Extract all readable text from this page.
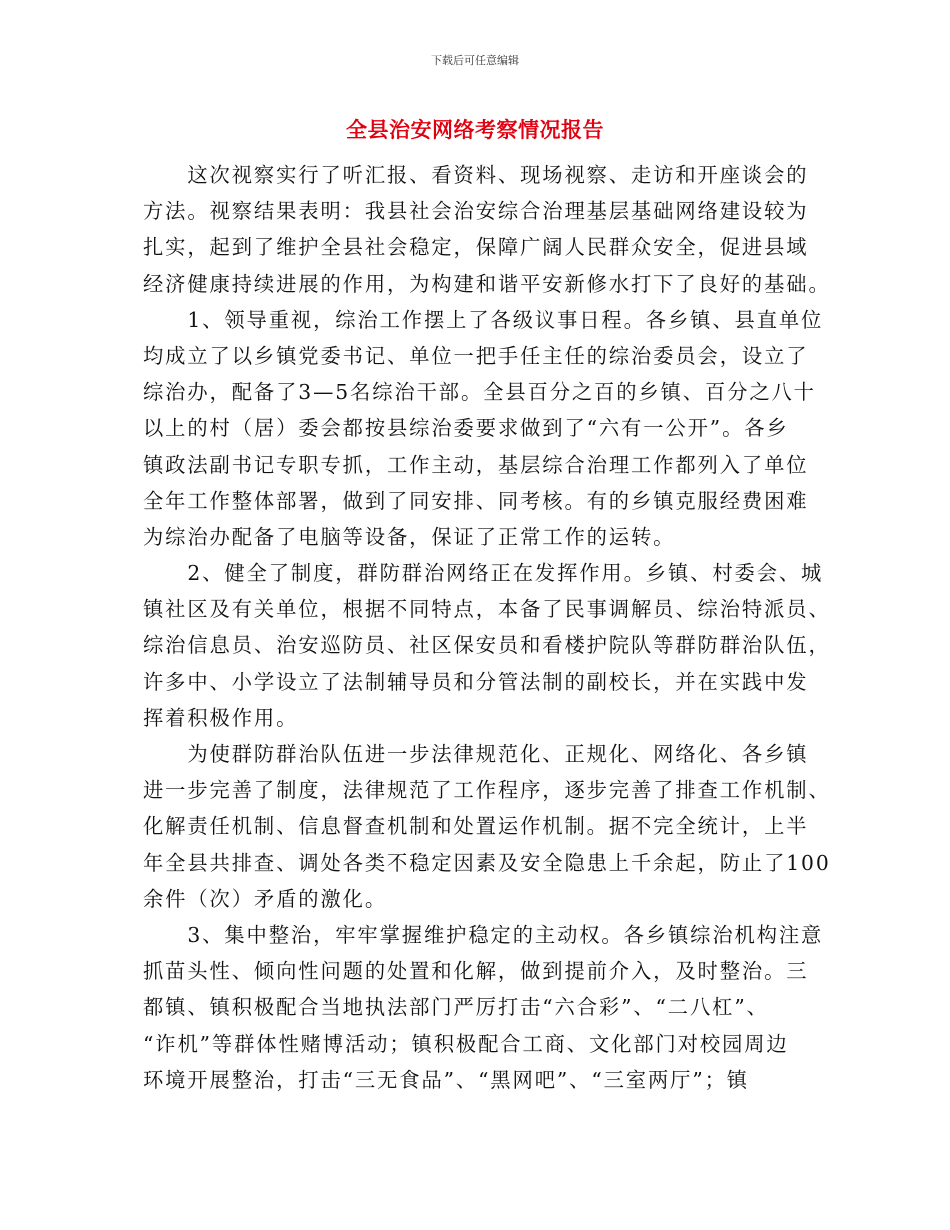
下载后可任意编辑
全县治安网络考察情况报告
　　这次视察实行了听汇报、看资料、现场视察、走访和开座谈会的
方法。视察结果表明：我县社会治安综合治理基层基础网络建设较为
扎实，起到了维护全县社会稳定，保障广阔人民群众安全，促进县域
经济健康持续进展的作用，为构建和谐平安新修水打下了良好的基础。
　　1、领导重视，综治工作摆上了各级议事日程。各乡镇、县直单位
均成立了以乡镇党委书记、单位一把手任主任的综治委员会，设立了
综治办，配备了3—5名综治干部。全县百分之百的乡镇、百分之八十
以上的村（居）委会都按县综治委要求做到了“六有一公开”。各乡
镇政法副书记专职专抓，工作主动，基层综合治理工作都列入了单位
全年工作整体部署，做到了同安排、同考核。有的乡镇克服经费困难
为综治办配备了电脑等设备，保证了正常工作的运转。
　　2、健全了制度，群防群治网络正在发挥作用。乡镇、村委会、城
镇社区及有关单位，根据不同特点，本备了民事调解员、综治特派员、
综治信息员、治安巡防员、社区保安员和看楼护院队等群防群治队伍，
许多中、小学设立了法制辅导员和分管法制的副校长，并在实践中发
挥着积极作用。
　　为使群防群治队伍进一步法律规范化、正规化、网络化、各乡镇
进一步完善了制度，法律规范了工作程序，逐步完善了排查工作机制、
化解责任机制、信息督查机制和处置运作机制。据不完全统计，上半
年全县共排查、调处各类不稳定因素及安全隐患上千余起，防止了100
余件（次）矛盾的激化。
　　3、集中整治，牢牢掌握维护稳定的主动权。各乡镇综治机构注意
抓苗头性、倾向性问题的处置和化解，做到提前介入，及时整治。三
都镇、镇积极配合当地执法部门严厉打击“六合彩”、“二八杠”、
“诈机”等群体性赌博活动；镇积极配合工商、文化部门对校园周边
环境开展整治，打击“三无食品”、“黑网吧”、“三室两厅”；镇
